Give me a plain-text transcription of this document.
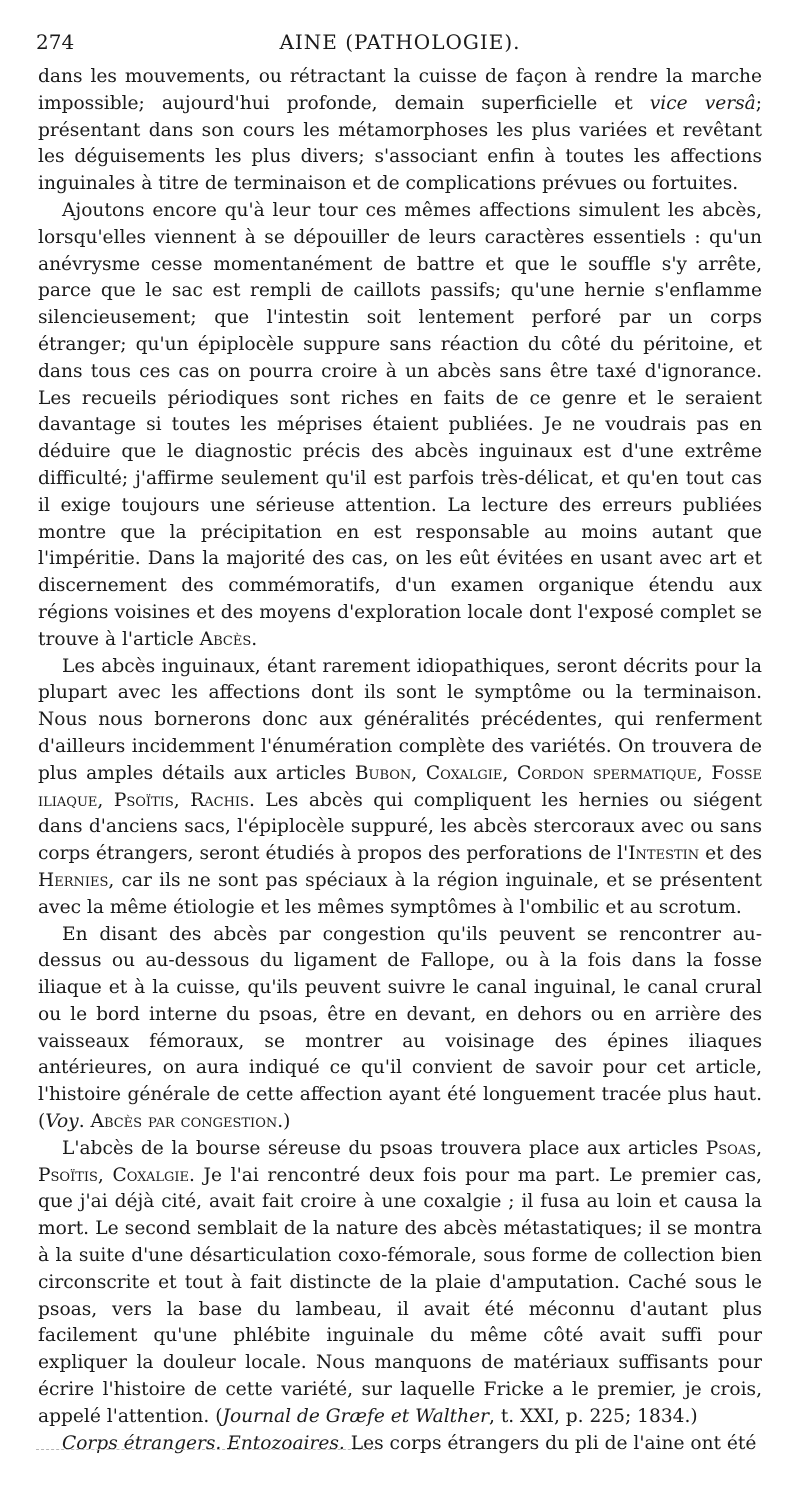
274	AINE (PATHOLOGIE).

dans les mouvements, ou rétractant la cuisse de façon à rendre la marche impossible; aujourd'hui profonde, demain superficielle et vice versâ; présentant dans son cours les métamorphoses les plus variées et revêtant les déguisements les plus divers; s'associant enfin à toutes les affections inguinales à titre de terminaison et de complications prévues ou fortuites.

Ajoutons encore qu'à leur tour ces mêmes affections simulent les abcès, lorsqu'elles viennent à se dépouiller de leurs caractères essentiels : qu'un anévrysme cesse momentanément de battre et que le souffle s'y arrête, parce que le sac est rempli de caillots passifs; qu'une hernie s'enflamme silencieusement; que l'intestin soit lentement perforé par un corps étranger; qu'un épiplocèle suppure sans réaction du côté du péritoine, et dans tous ces cas on pourra croire à un abcès sans être taxé d'ignorance. Les recueils périodiques sont riches en faits de ce genre et le seraient davantage si toutes les méprises étaient publiées. Je ne voudrais pas en déduire que le diagnostic précis des abcès inguinaux est d'une extrême difficulté; j'affirme seulement qu'il est parfois très-délicat, et qu'en tout cas il exige toujours une sérieuse attention. La lecture des erreurs publiées montre que la précipitation en est responsable au moins autant que l'impéritie. Dans la majorité des cas, on les eût évitées en usant avec art et discernement des commémoratifs, d'un examen organique étendu aux régions voisines et des moyens d'exploration locale dont l'exposé complet se trouve à l'article Abcès.

Les abcès inguinaux, étant rarement idiopathiques, seront décrits pour la plupart avec les affections dont ils sont le symptôme ou la terminaison. Nous nous bornerons donc aux généralités précédentes, qui renferment d'ailleurs incidemment l'énumération complète des variétés. On trouvera de plus amples détails aux articles Bubon, Coxalgie, Cordon spermatique, Fosse iliaque, Psoïtis, Rachis. Les abcès qui compliquent les hernies ou siégent dans d'anciens sacs, l'épiplocèle suppuré, les abcès stercoraux avec ou sans corps étrangers, seront étudiés à propos des perforations de l'Intestin et des Hernies, car ils ne sont pas spéciaux à la région inguinale, et se présentent avec la même étiologie et les mêmes symptômes à l'ombilic et au scrotum.

En disant des abcès par congestion qu'ils peuvent se rencontrer au-dessus ou au-dessous du ligament de Fallope, ou à la fois dans la fosse iliaque et à la cuisse, qu'ils peuvent suivre le canal inguinal, le canal crural ou le bord interne du psoas, être en devant, en dehors ou en arrière des vaisseaux fémoraux, se montrer au voisinage des épines iliaques antérieures, on aura indiqué ce qu'il convient de savoir pour cet article, l'histoire générale de cette affection ayant été longuement tracée plus haut. (Voy. Abcès par congestion.)

L'abcès de la bourse séreuse du psoas trouvera place aux articles Psoas, Psoïtis, Coxalgie. Je l'ai rencontré deux fois pour ma part. Le premier cas, que j'ai déjà cité, avait fait croire à une coxalgie ; il fusa au loin et causa la mort. Le second semblait de la nature des abcès métastatiques; il se montra à la suite d'une désarticulation coxo-fémorale, sous forme de collection bien circonscrite et tout à fait distincte de la plaie d'amputation. Caché sous le psoas, vers la base du lambeau, il avait été méconnu d'autant plus facilement qu'une phlébite inguinale du même côté avait suffi pour expliquer la douleur locale. Nous manquons de matériaux suffisants pour écrire l'histoire de cette variété, sur laquelle Fricke a le premier, je crois, appelé l'attention. (Journal de Græfe et Walther, t. XXI, p. 225; 1834.)

Corps étrangers. Entozoaires. Les corps étrangers du pli de l'aine ont été
